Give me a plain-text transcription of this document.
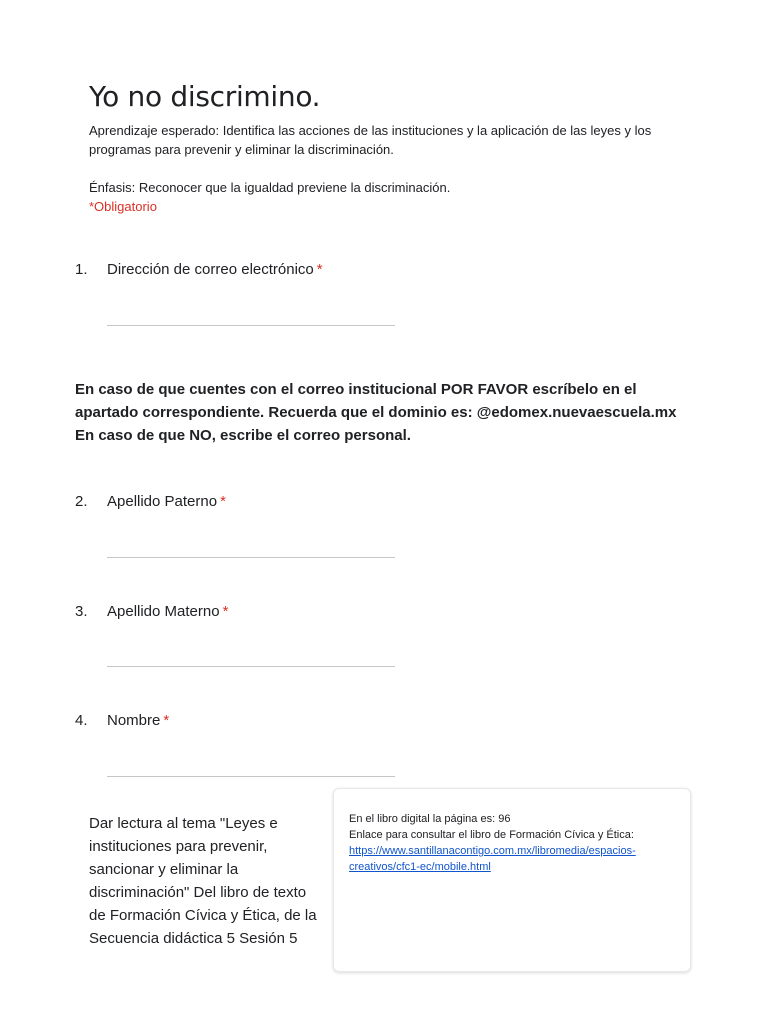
Yo no discrimino.

Aprendizaje esperado: Identifica las acciones de las instituciones y la aplicación de las leyes y los programas para prevenir y eliminar la discriminación.

Énfasis: Reconocer que la igualdad previene la discriminación.

*Obligatorio

1. Dirección de correo electrónico *

En caso de que cuentes con el correo institucional POR FAVOR escríbelo en el apartado correspondiente. Recuerda que el dominio es: @edomex.nuevaescuela.mx

En caso de que NO, escribe el correo personal.

2. Apellido Paterno *
3. Apellido Materno *
4. Nombre *
Dar lectura al tema "Leyes e instituciones para prevenir, sancionar y eliminar la discriminación" Del libro de texto de Formación Cívica y Ética, de la Secuencia didáctica 5 Sesión 5

En el libro digital la página es: 96

Enlace para consultar el libro de Formación Cívica y Ética:

https://www.santillanacontigo.com.mx/libromedia/espacios-creativos/cfc1-ec/mobile.html
